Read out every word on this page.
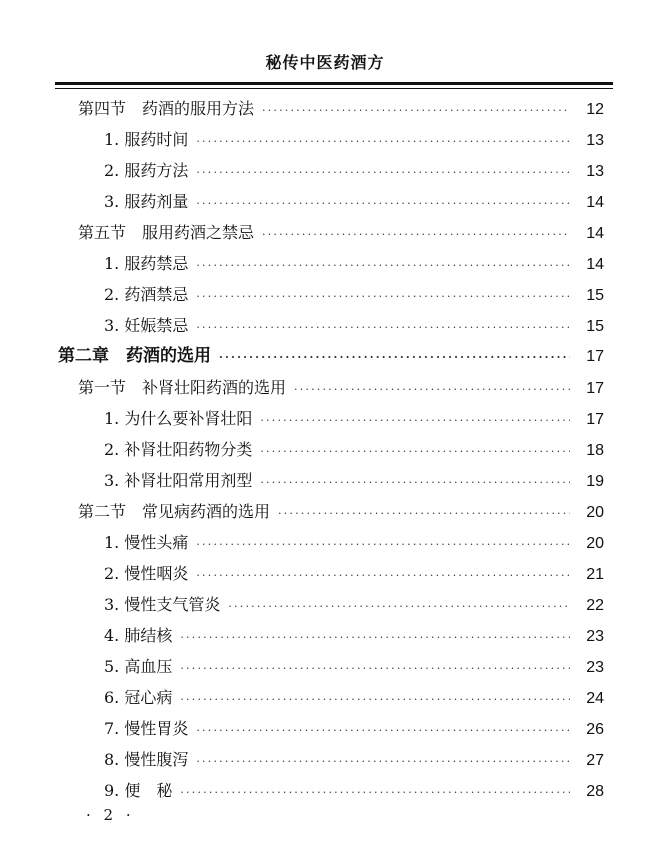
秘传中医药酒方
第四节　药酒的服用方法 ·····	12
1. 服药时间 ·····	13
2. 服药方法 ·····	13
3. 服药剂量 ·····	14
第五节　服用药酒之禁忌 ·····	14
1. 服药禁忌 ·····	14
2. 药酒禁忌 ·····	15
3. 妊娠禁忌 ·····	15
第二章　药酒的选用 ·····	17
第一节　补肾壮阳药酒的选用 ·····	17
1. 为什么要补肾壮阳 ·····	17
2. 补肾壮阳药物分类 ·····	18
3. 补肾壮阳常用剂型 ·····	19
第二节　常见病药酒的选用 ·····	20
1. 慢性头痛 ·····	20
2. 慢性咽炎 ·····	21
3. 慢性支气管炎 ·····	22
4. 肺结核 ·····	23
5. 高血压 ·····	23
6. 冠心病 ·····	24
7. 慢性胃炎 ·····	26
8. 慢性腹泻 ·····	27
9. 便　秘 ·····	28
· 2 ·
